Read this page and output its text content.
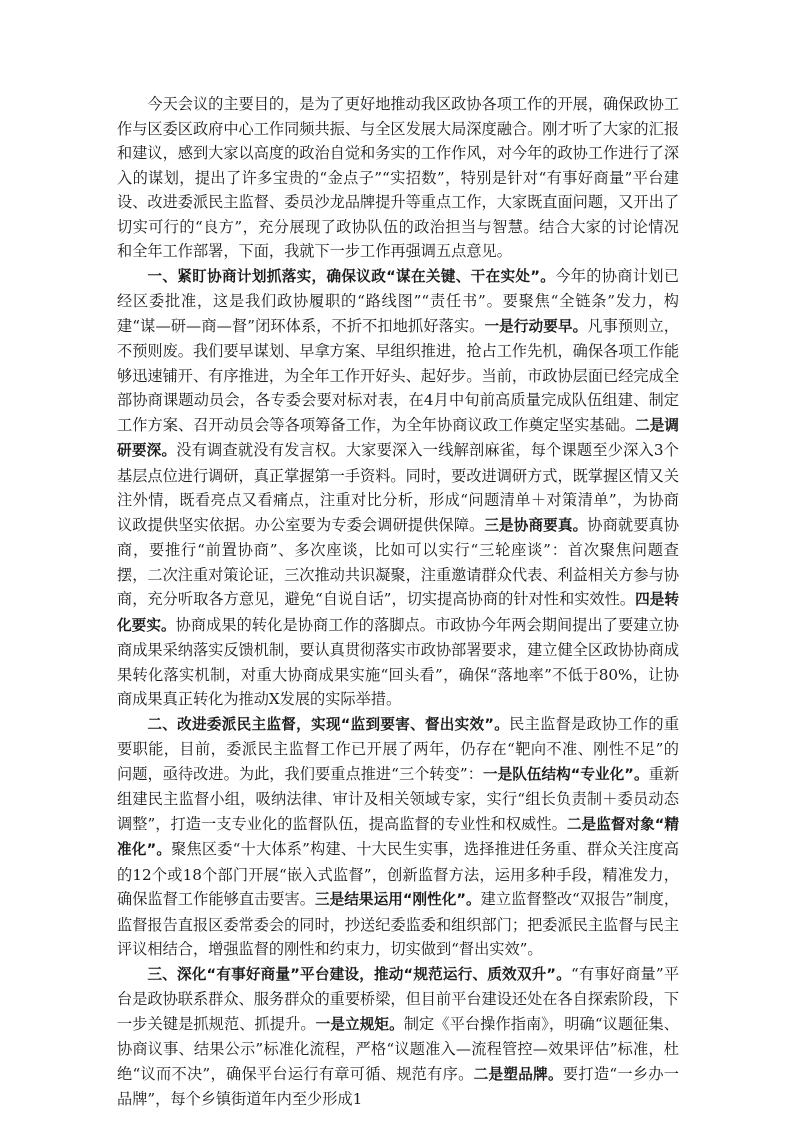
今天会议的主要目的，是为了更好地推动我区政协各项工作的开展，确保政协工作与区委区政府中心工作同频共振、与全区发展大局深度融合。刚才听了大家的汇报和建议，感到大家以高度的政治自觉和务实的工作作风，对今年的政协工作进行了深入的谋划，提出了许多宝贵的“金点子”“实招数”，特别是针对“有事好商量”平台建设、改进委派民主监督、委员沙龙品牌提升等重点工作，大家既直面问题，又开出了切实可行的“良方”，充分展现了政协队伍的政治担当与智慧。结合大家的讨论情况和全年工作部署，下面，我就下一步工作再强调五点意见。

一、紧盯协商计划抓落实，确保议政“谋在关键、干在实处”。今年的协商计划已经区委批准，这是我们政协履职的“路线图”“责任书”。要聚焦“全链条”发力，构建“谋—研—商—督”闭环体系，不折不扣地抓好落实。一是行动要早。凡事预则立，不预则废。我们要早谋划、早拿方案、早组织推进，抢占工作先机，确保各项工作能够迅速铺开、有序推进，为全年工作开好头、起好步。当前，市政协层面已经完成全部协商课题动员会，各专委会要对标对表，在4月中旬前高质量完成队伍组建、制定工作方案、召开动员会等各项筹备工作，为全年协商议政工作奠定坚实基础。二是调研要深。没有调查就没有发言权。大家要深入一线解剖麻雀，每个课题至少深入3个基层点位进行调研，真正掌握第一手资料。同时，要改进调研方式，既掌握区情又关注外情，既看亮点又看痛点，注重对比分析，形成“问题清单＋对策清单”，为协商议政提供坚实依据。办公室要为专委会调研提供保障。三是协商要真。协商就要真协商，要推行“前置协商”、多次座谈，比如可以实行“三轮座谈”：首次聚焦问题查摆，二次注重对策论证，三次推动共识凝聚，注重邀请群众代表、利益相关方参与协商，充分听取各方意见，避免“自说自话”，切实提高协商的针对性和实效性。四是转化要实。协商成果的转化是协商工作的落脚点。市政协今年两会期间提出了要建立协商成果采纳落实反馈机制，要认真贯彻落实市政协部署要求，建立健全区政协协商成果转化落实机制，对重大协商成果实施“回头看”，确保“落地率”不低于80%，让协商成果真正转化为推动X发展的实际举措。

二、改进委派民主监督，实现“监到要害、督出实效”。民主监督是政协工作的重要职能，目前，委派民主监督工作已开展了两年，仍存在“靶向不准、刚性不足”的问题，亟待改进。为此，我们要重点推进“三个转变”：一是队伍结构“专业化”。重新组建民主监督小组，吸纳法律、审计及相关领域专家，实行“组长负责制＋委员动态调整”，打造一支专业化的监督队伍，提高监督的专业性和权威性。二是监督对象“精准化”。聚焦区委“十大体系”构建、十大民生实事，选择推进任务重、群众关注度高的12个或18个部门开展“嵌入式监督”，创新监督方法，运用多种手段，精准发力，确保监督工作能够直击要害。三是结果运用“刚性化”。建立监督整改“双报告”制度，监督报告直报区委常委会的同时，抄送纪委监委和组织部门；把委派民主监督与民主评议相结合，增强监督的刚性和约束力，切实做到“督出实效”。

三、深化“有事好商量”平台建设，推动“规范运行、质效双升”。“有事好商量”平台是政协联系群众、服务群众的重要桥梁，但目前平台建设还处在各自探索阶段，下一步关键是抓规范、抓提升。一是立规矩。制定《平台操作指南》，明确“议题征集、协商议事、结果公示”标准化流程，严格“议题准入—流程管控—效果评估”标准，杜绝“议而不决”，确保平台运行有章可循、规范有序。二是塑品牌。要打造“一乡办一品牌”，每个乡镇街道年内至少形成1
